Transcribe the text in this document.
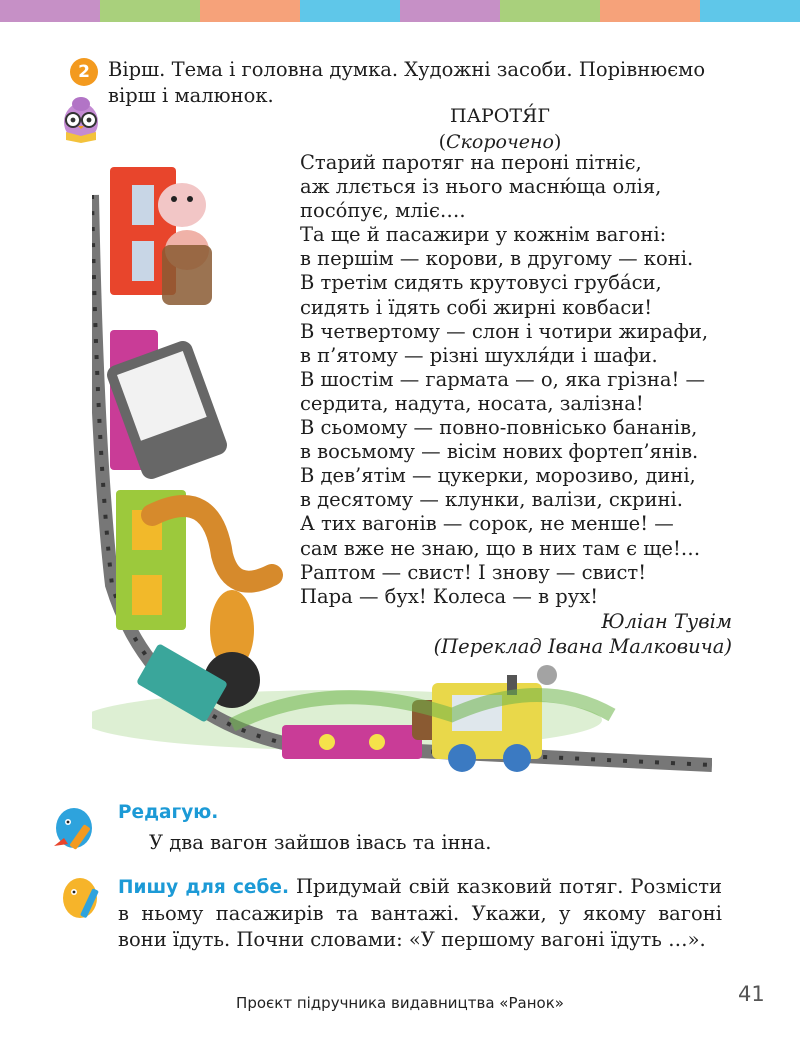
2 Вірш. Тема і головна думка. Художні засоби. Порівнюємо вірш і малюнок.
ПАРОТЯ́Г
(Скорочено)
Старий паротяг на пероні пітніє,
аж ллється із нього масню́ща олія,
посо́пує, мліє….
Та ще й пасажири у кожнім вагоні:
в першім — корови, в другому — коні.
В третім сидять крутовусі груба́си,
сидять і їдять собі жирні ковбаси!
В четвертому — слон і чотири жирафи,
в п’ятому — різні шухля́ди і шафи.
В шостім — гармата — о, яка грізна! —
сердита, надута, носата, залізна!
В сьомому — повно-повнісько бананів,
в восьмому — вісім нових фортеп’янів.
В дев’ятім — цукерки, морозиво, дині,
в десятому — клунки, валізи, скрині.
А тих вагонів — сорок, не менше! —
сам вже не знаю, що в них там є ще!…
Раптом — свист! І знову — свист!
Пара — бух! Колеса — в рух!
Юліан Тувім
(Переклад Івана Малковича)
Редагую.
У два вагон зайшов івась та інна.
Пишу для себе. Придумай свій казковий потяг. Розмісти в ньому пасажирів та вантажі. Укажи, у якому вагоні вони їдуть. Почни словами: «У першому вагоні їдуть …».
Проєкт підручника видавництва «Ранок»	41
